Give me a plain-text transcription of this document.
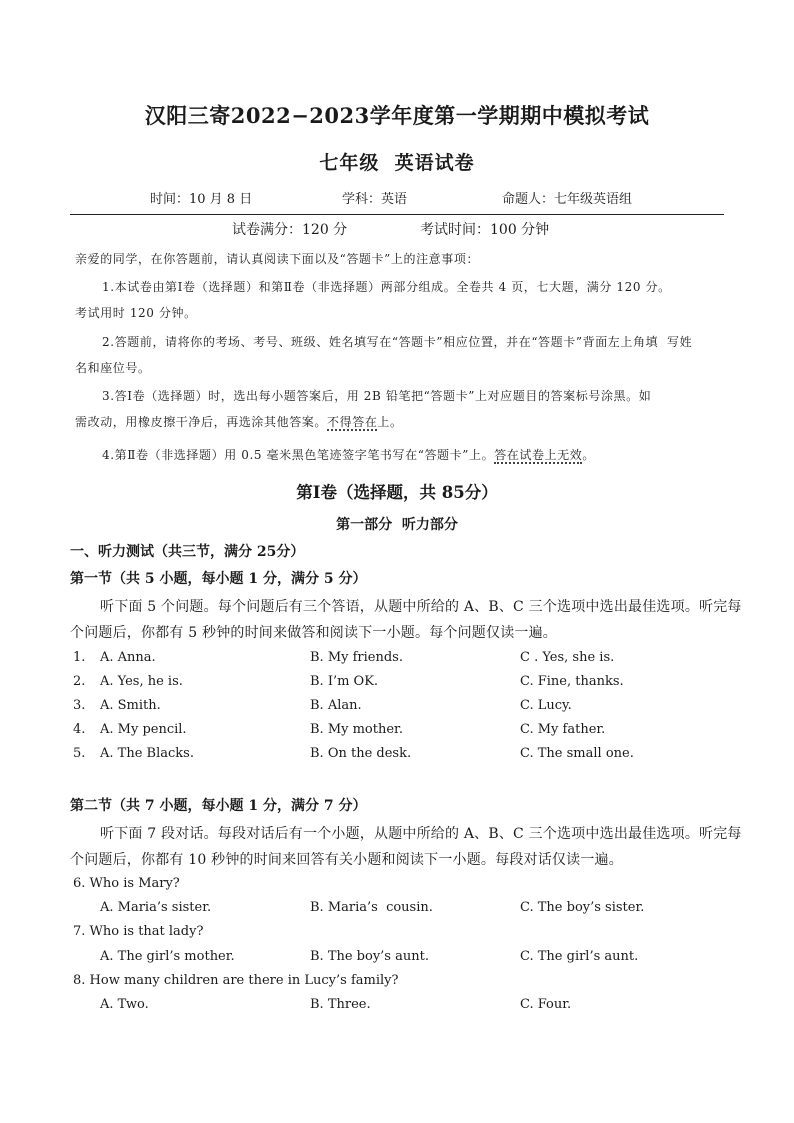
汉阳三寄2022−2023学年度第一学期期中模拟考试
七年级  英语试卷
时间：10 月 8 日	学科：英语	命题人：七年级英语组
试卷满分：120 分	考试时间：100 分钟
亲爱的同学，在你答题前，请认真阅读下面以及“答题卡”上的注意事项：
1.本试卷由第Ⅰ卷（选择题）和第Ⅱ卷（非选择题）两部分组成。全卷共 4 页，七大题，满分 120 分。
考试用时 120 分钟。
2.答题前，请将你的考场、考号、班级、姓名填写在“答题卡”相应位置，并在“答题卡”背面左上角填  写姓
名和座位号。
3.答Ⅰ卷（选择题）时，选出每小题答案后，用 2B 铅笔把“答题卡”上对应题目的答案标号涂黑。如
需改动，用橡皮擦干净后，再选涂其他答案。不得答在上。
4.第Ⅱ卷（非选择题）用 0.5 毫米黑色笔迹签字笔书写在“答题卡”上。答在试卷上无效。
第Ⅰ卷（选择题，共 85分）
第一部分  听力部分
一、听力测试（共三节，满分 25分）
第一节（共 5 小题，每小题 1 分，满分 5 分）
听下面 5 个问题。每个问题后有三个答语，从题中所给的 A、B、C 三个选项中选出最佳选项。听完每
个问题后，你都有 5 秒钟的时间来做答和阅读下一小题。每个问题仅读一遍。
1. A. Anna.	B. My friends.	C . Yes, she is.
2. A. Yes, he is.	B. I’m OK.	C. Fine, thanks.
3. A. Smith.	B. Alan.	C. Lucy.
4. A. My pencil.	B. My mother.	C. My father.
5. A. The Blacks.	B. On the desk.	C. The small one.
第二节（共 7 小题，每小题 1 分，满分 7 分）
听下面 7 段对话。每段对话后有一个小题，从题中所给的 A、B、C 三个选项中选出最佳选项。听完每
个问题后，你都有 10 秒钟的时间来回答有关小题和阅读下一小题。每段对话仅读一遍。
6. Who is Mary?
A. Maria’s sister.	B. Maria’s  cousin.	C. The boy’s sister.
7. Who is that lady?
A. The girl’s mother.	B. The boy’s aunt.	C. The girl’s aunt.
8. How many children are there in Lucy’s family?
A. Two.	B. Three.	C. Four.
